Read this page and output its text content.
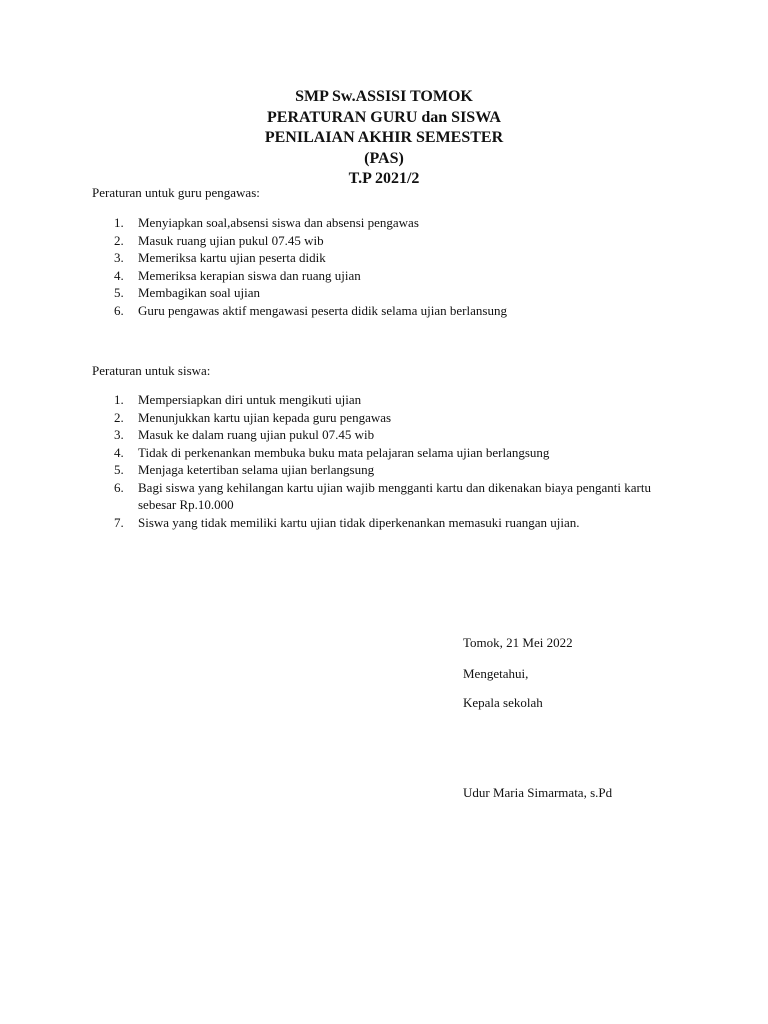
SMP Sw.ASSISI TOMOK
PERATURAN GURU dan SISWA
PENILAIAN AKHIR SEMESTER
(PAS)
T.P 2021/2
Peraturan untuk guru pengawas:
1. Menyiapkan soal,absensi siswa dan absensi pengawas
2. Masuk ruang ujian pukul 07.45 wib
3. Memeriksa kartu ujian peserta didik
4. Memeriksa kerapian siswa dan ruang ujian
5. Membagikan soal ujian
6. Guru pengawas aktif mengawasi peserta didik selama ujian berlansung
Peraturan untuk siswa:
1. Mempersiapkan diri untuk mengikuti ujian
2. Menunjukkan kartu ujian kepada guru pengawas
3. Masuk ke dalam ruang ujian pukul 07.45 wib
4. Tidak di perkenankan membuka buku mata pelajaran selama ujian berlangsung
5. Menjaga ketertiban selama ujian berlangsung
6. Bagi siswa yang kehilangan kartu ujian wajib mengganti kartu dan dikenakan biaya penganti kartu sebesar Rp.10.000
7. Siswa yang tidak memiliki kartu ujian tidak diperkenankan memasuki ruangan ujian.
Tomok, 21 Mei 2022
Mengetahui,
Kepala sekolah
Udur Maria Simarmata, s.Pd
